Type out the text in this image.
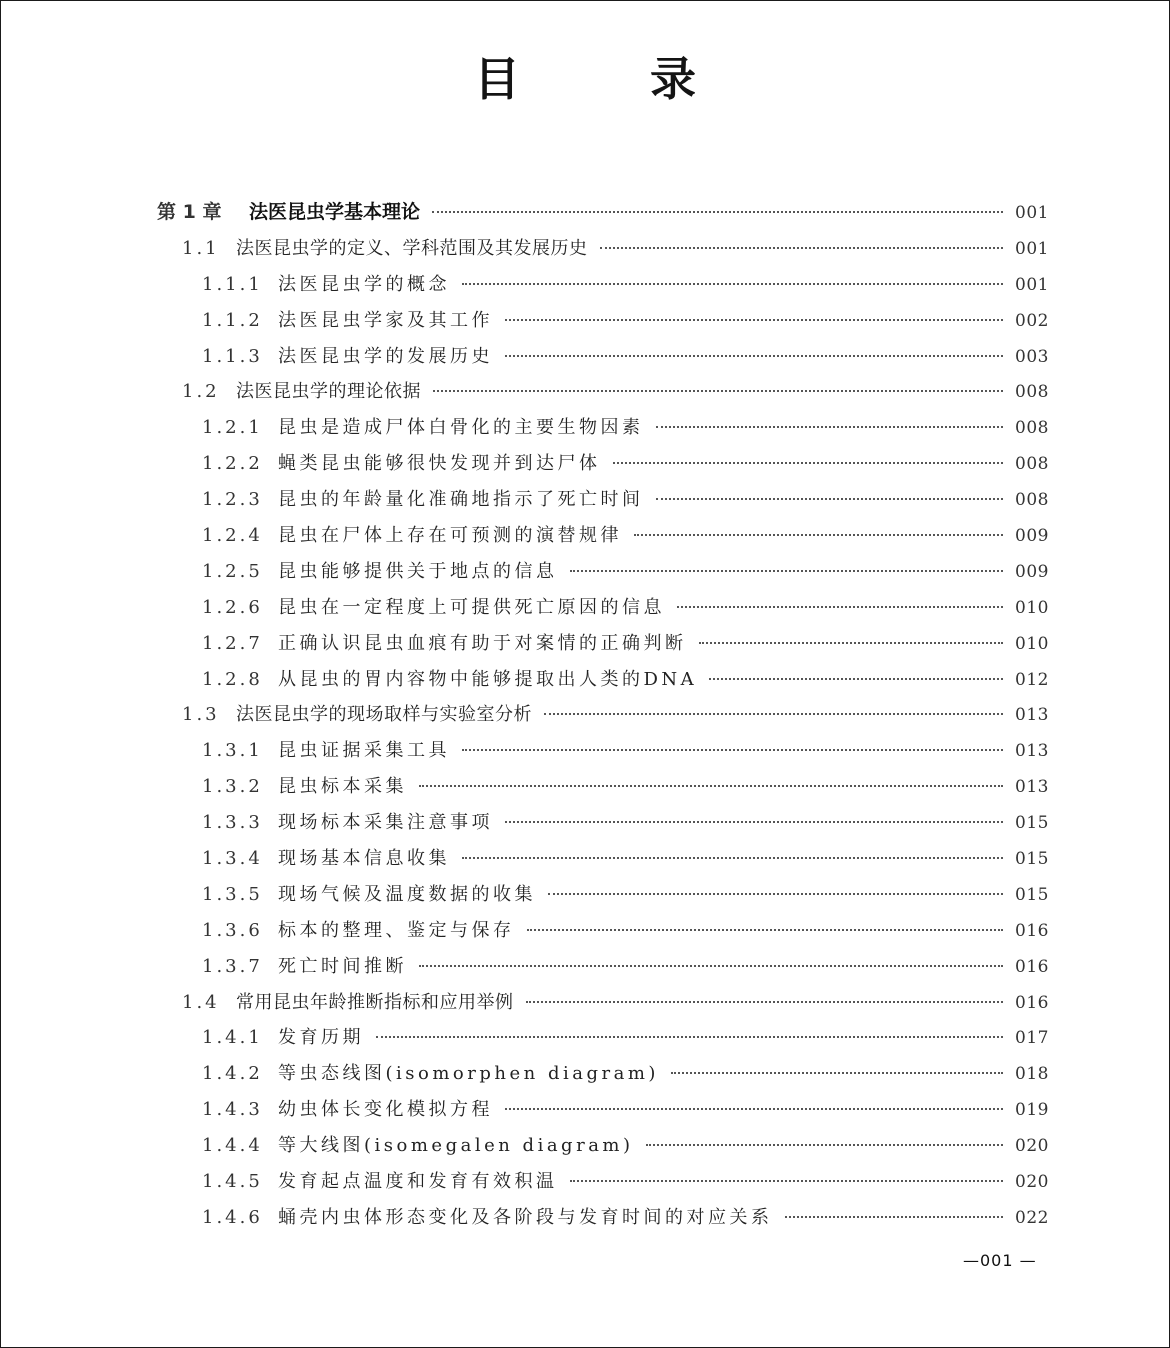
目　录
第 1 章	法医昆虫学基本理论	001
1.1 法医昆虫学的定义、学科范围及其发展历史	001
1.1.1 法医昆虫学的概念	001
1.1.2 法医昆虫学家及其工作	002
1.1.3 法医昆虫学的发展历史	003
1.2 法医昆虫学的理论依据	008
1.2.1 昆虫是造成尸体白骨化的主要生物因素	008
1.2.2 蝇类昆虫能够很快发现并到达尸体	008
1.2.3 昆虫的年龄量化准确地指示了死亡时间	008
1.2.4 昆虫在尸体上存在可预测的演替规律	009
1.2.5 昆虫能够提供关于地点的信息	009
1.2.6 昆虫在一定程度上可提供死亡原因的信息	010
1.2.7 正确认识昆虫血痕有助于对案情的正确判断	010
1.2.8 从昆虫的胃内容物中能够提取出人类的DNA	012
1.3 法医昆虫学的现场取样与实验室分析	013
1.3.1 昆虫证据采集工具	013
1.3.2 昆虫标本采集	013
1.3.3 现场标本采集注意事项	015
1.3.4 现场基本信息收集	015
1.3.5 现场气候及温度数据的收集	015
1.3.6 标本的整理、鉴定与保存	016
1.3.7 死亡时间推断	016
1.4 常用昆虫年龄推断指标和应用举例	016
1.4.1 发育历期	017
1.4.2 等虫态线图(isomorphen diagram)	018
1.4.3 幼虫体长变化模拟方程	019
1.4.4 等大线图(isomegalen diagram)	020
1.4.5 发育起点温度和发育有效积温	020
1.4.6 蛹壳内虫体形态变化及各阶段与发育时间的对应关系	022
—001 —
